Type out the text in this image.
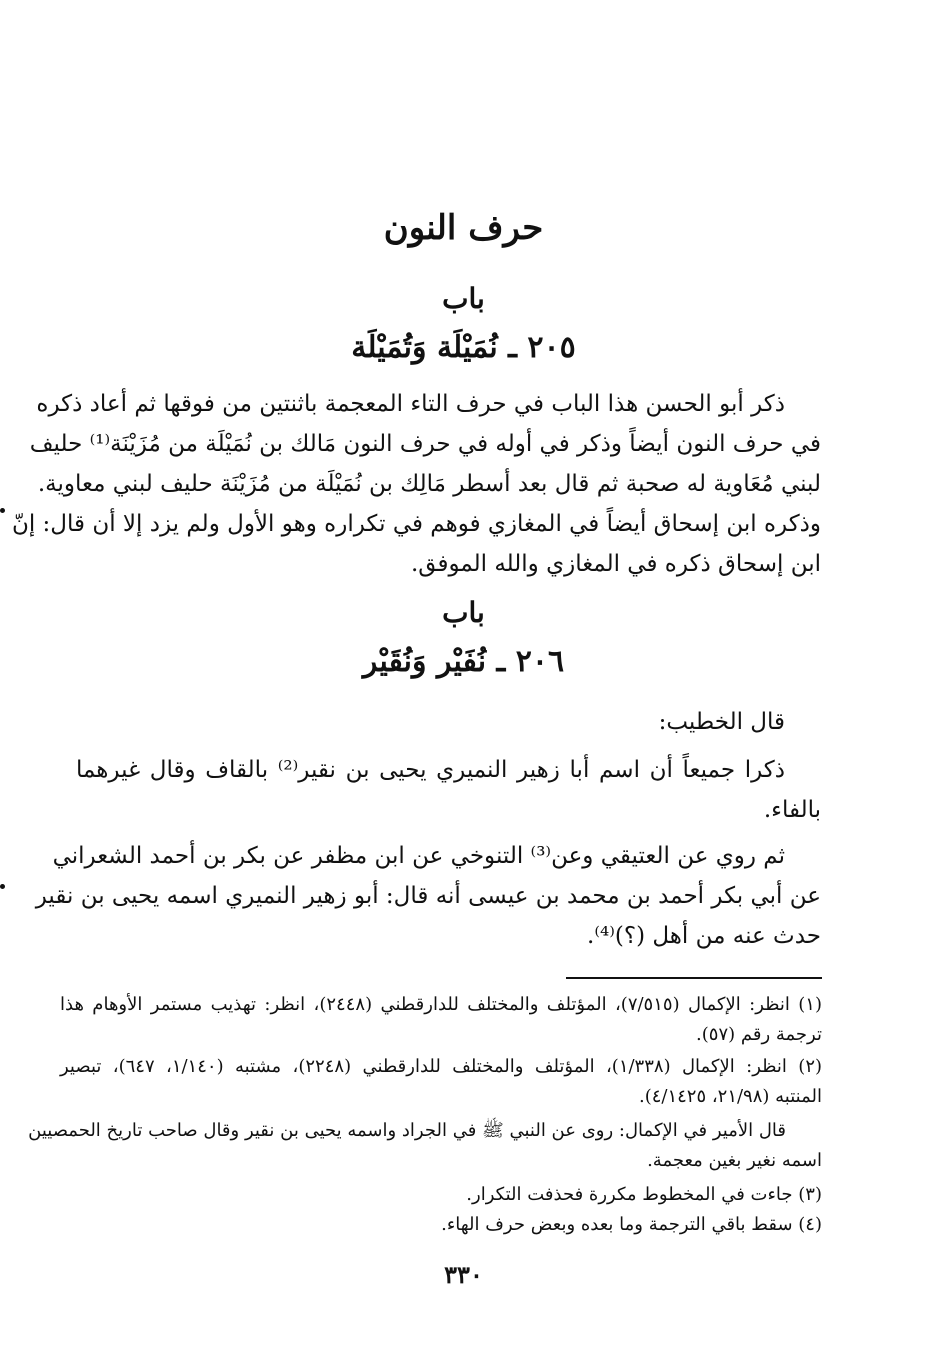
حرف النون
باب
٢٠٥ ـ نُمَيْلَة وَتُمَيْلَة
ذكر أبو الحسن هذا الباب في حرف التاء المعجمة باثنتين من فوقها ثم أعاد ذكره
في حرف النون أيضاً وذكر في أوله في حرف النون مَالك بن نُمَيْلَة من مُزَيْنَة⁽¹⁾ حليف
لبني مُعَاوية له صحبة ثم قال بعد أسطر مَالِك بن نُمَيْلَة من مُزَيْنَة حليف لبني معاوية.
وذكره ابن إسحاق أيضاً في المغازي فوهم في تكراره وهو الأول ولم يزد إلا أن قال: إنّ
ابن إسحاق ذكره في المغازي والله الموفق.
باب
٢٠٦ ـ نُفَيْر وَنُقَيْر
قال الخطيب:
ذكرا جميعاً أن اسم أبا زهير النميري يحيى بن نقير⁽²⁾ بالقاف وقال غيرهما
بالفاء.
ثم روي عن العتيقي وعن⁽³⁾ التنوخي عن ابن مظفر عن بكر بن أحمد الشعراني
عن أبي بكر أحمد بن محمد بن عيسى أنه قال: أبو زهير النميري اسمه يحيى بن نقير
حدث عنه من أهل (؟)⁽⁴⁾.
(١) انظر: الإكمال (٧/٥١٥)، المؤتلف والمختلف للدارقطني (٢٤٤٨)، انظر: تهذيب مستمر الأوهام هذا
ترجمة رقم (٥٧).
(٢) انظر: الإكمال (١/٣٣٨)، المؤتلف والمختلف للدارقطني (٢٢٤٨)، مشتبه (١/١٤٠، ٦٤٧)، تبصير
المنتبه (٢١/٩٨، ٤/١٤٢٥).
قال الأمير في الإكمال: روى عن النبي ﷺ في الجراد واسمه يحيى بن نقير وقال صاحب تاريخ الحمصيين
اسمه نغير بغين معجمة.
(٣) جاءت في المخطوط مكررة فحذفت التكرار.
(٤) سقط باقي الترجمة وما بعده وبعض حرف الهاء.
٣٣٠
